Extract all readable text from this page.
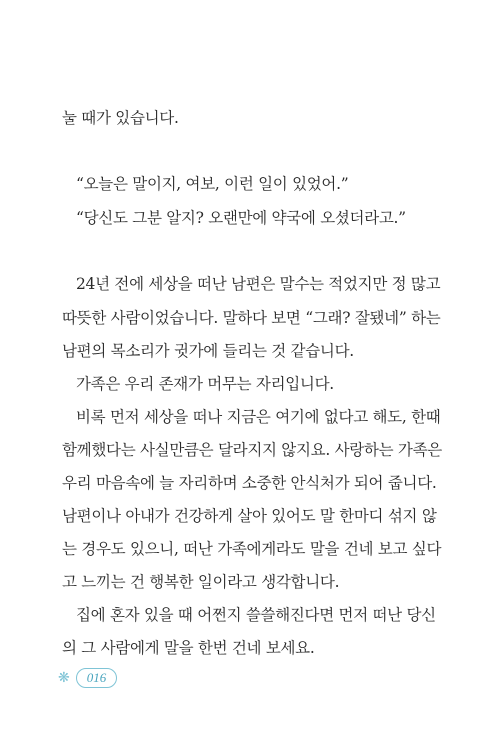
눌 때가 있습니다.

“오늘은 말이지, 여보, 이런 일이 있었어.”

“당신도 그분 알지? 오랜만에 약국에 오셨더라고.”

24년 전에 세상을 떠난 남편은 말수는 적었지만 정 많고

따뜻한 사람이었습니다. 말하다 보면 “그래? 잘됐네” 하는

남편의 목소리가 귓가에 들리는 것 같습니다.

가족은 우리 존재가 머무는 자리입니다.

비록 먼저 세상을 떠나 지금은 여기에 없다고 해도, 한때

함께했다는 사실만큼은 달라지지 않지요. 사랑하는 가족은

우리 마음속에 늘 자리하며 소중한 안식처가 되어 줍니다.

남편이나 아내가 건강하게 살아 있어도 말 한마디 섞지 않

는 경우도 있으니, 떠난 가족에게라도 말을 건네 보고 싶다

고 느끼는 건 행복한 일이라고 생각합니다.

집에 혼자 있을 때 어쩐지 쓸쓸해진다면 먼저 떠난 당신

의 그 사람에게 말을 한번 건네 보세요.

❋	016
